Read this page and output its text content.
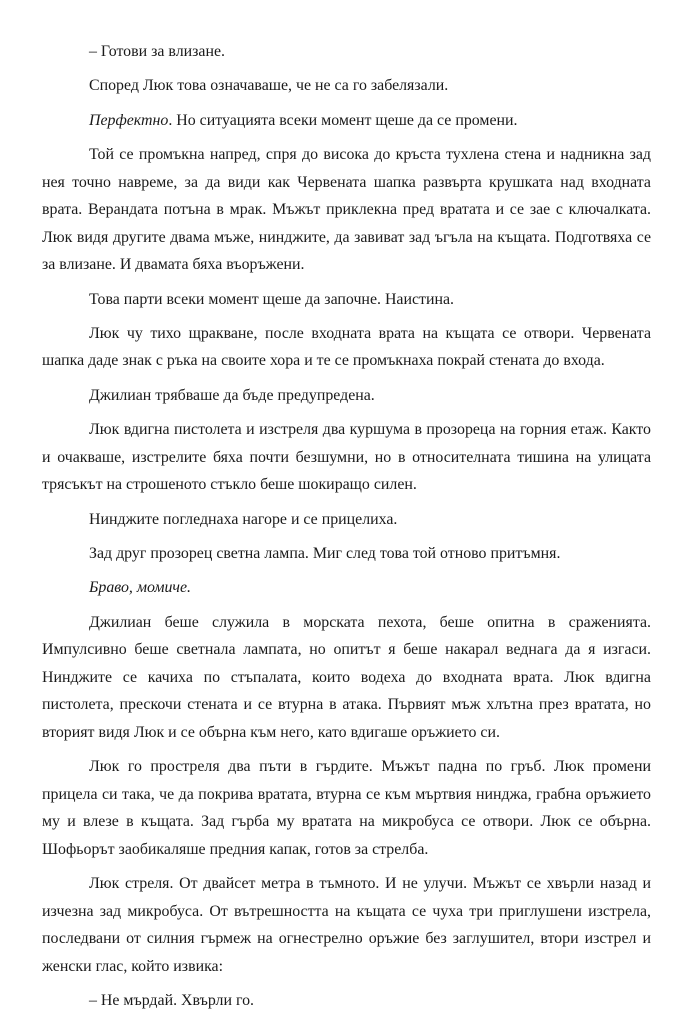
– Готови за влизане.

Според Люк това означаваше, че не са го забелязали.

Перфектно. Но ситуацията всеки момент щеше да се промени.

Той се промъкна напред, спря до висока до кръста тухлена стена и надникна зад нея точно навреме, за да види как Червената шапка развърта крушката над входната врата. Верандата потъна в мрак. Мъжът приклекна пред вратата и се зае с ключалката. Люк видя другите двама мъже, нинджите, да завиват зад ъгъла на къщата. Подготвяха се за влизане. И двамата бяха въоръжени.

Това парти всеки момент щеше да започне. Наистина.

Люк чу тихо щракване, после входната врата на къщата се отвори. Червената шапка даде знак с ръка на своите хора и те се промъкнаха покрай стената до входа.

Джилиан трябваше да бъде предупредена.

Люк вдигна пистолета и изстреля два куршума в прозореца на горния етаж. Както и очакваше, изстрелите бяха почти безшумни, но в относителната тишина на улицата трясъкът на строшеното стъкло беше шокиращо силен.

Нинджите погледнаха нагоре и се прицелиха.

Зад друг прозорец светна лампа. Миг след това той отново притъмня.

Браво, момиче.

Джилиан беше служила в морската пехота, беше опитна в сраженията. Импулсивно беше светнала лампата, но опитът я беше накарал веднага да я изгаси. Нинджите се качиха по стъпалата, които водеха до входната врата. Люк вдигна пистолета, прескочи стената и се втурна в атака. Първият мъж хлътна през вратата, но вторият видя Люк и се обърна към него, като вдигаше оръжието си.

Люк го простреля два пъти в гърдите. Мъжът падна по гръб. Люк промени прицела си така, че да покрива вратата, втурна се към мъртвия нинджа, грабна оръжието му и влезе в къщата. Зад гърба му вратата на микробуса се отвори. Люк се обърна. Шофьорът заобикаляше предния капак, готов за стрелба.

Люк стреля. От двайсет метра в тъмното. И не улучи. Мъжът се хвърли назад и изчезна зад микробуса. От вътрешността на къщата се чуха три приглушени изстрела, последвани от силния гърмеж на огнестрелно оръжие без заглушител, втори изстрел и женски глас, който извика:

– Не мърдай. Хвърли го.
